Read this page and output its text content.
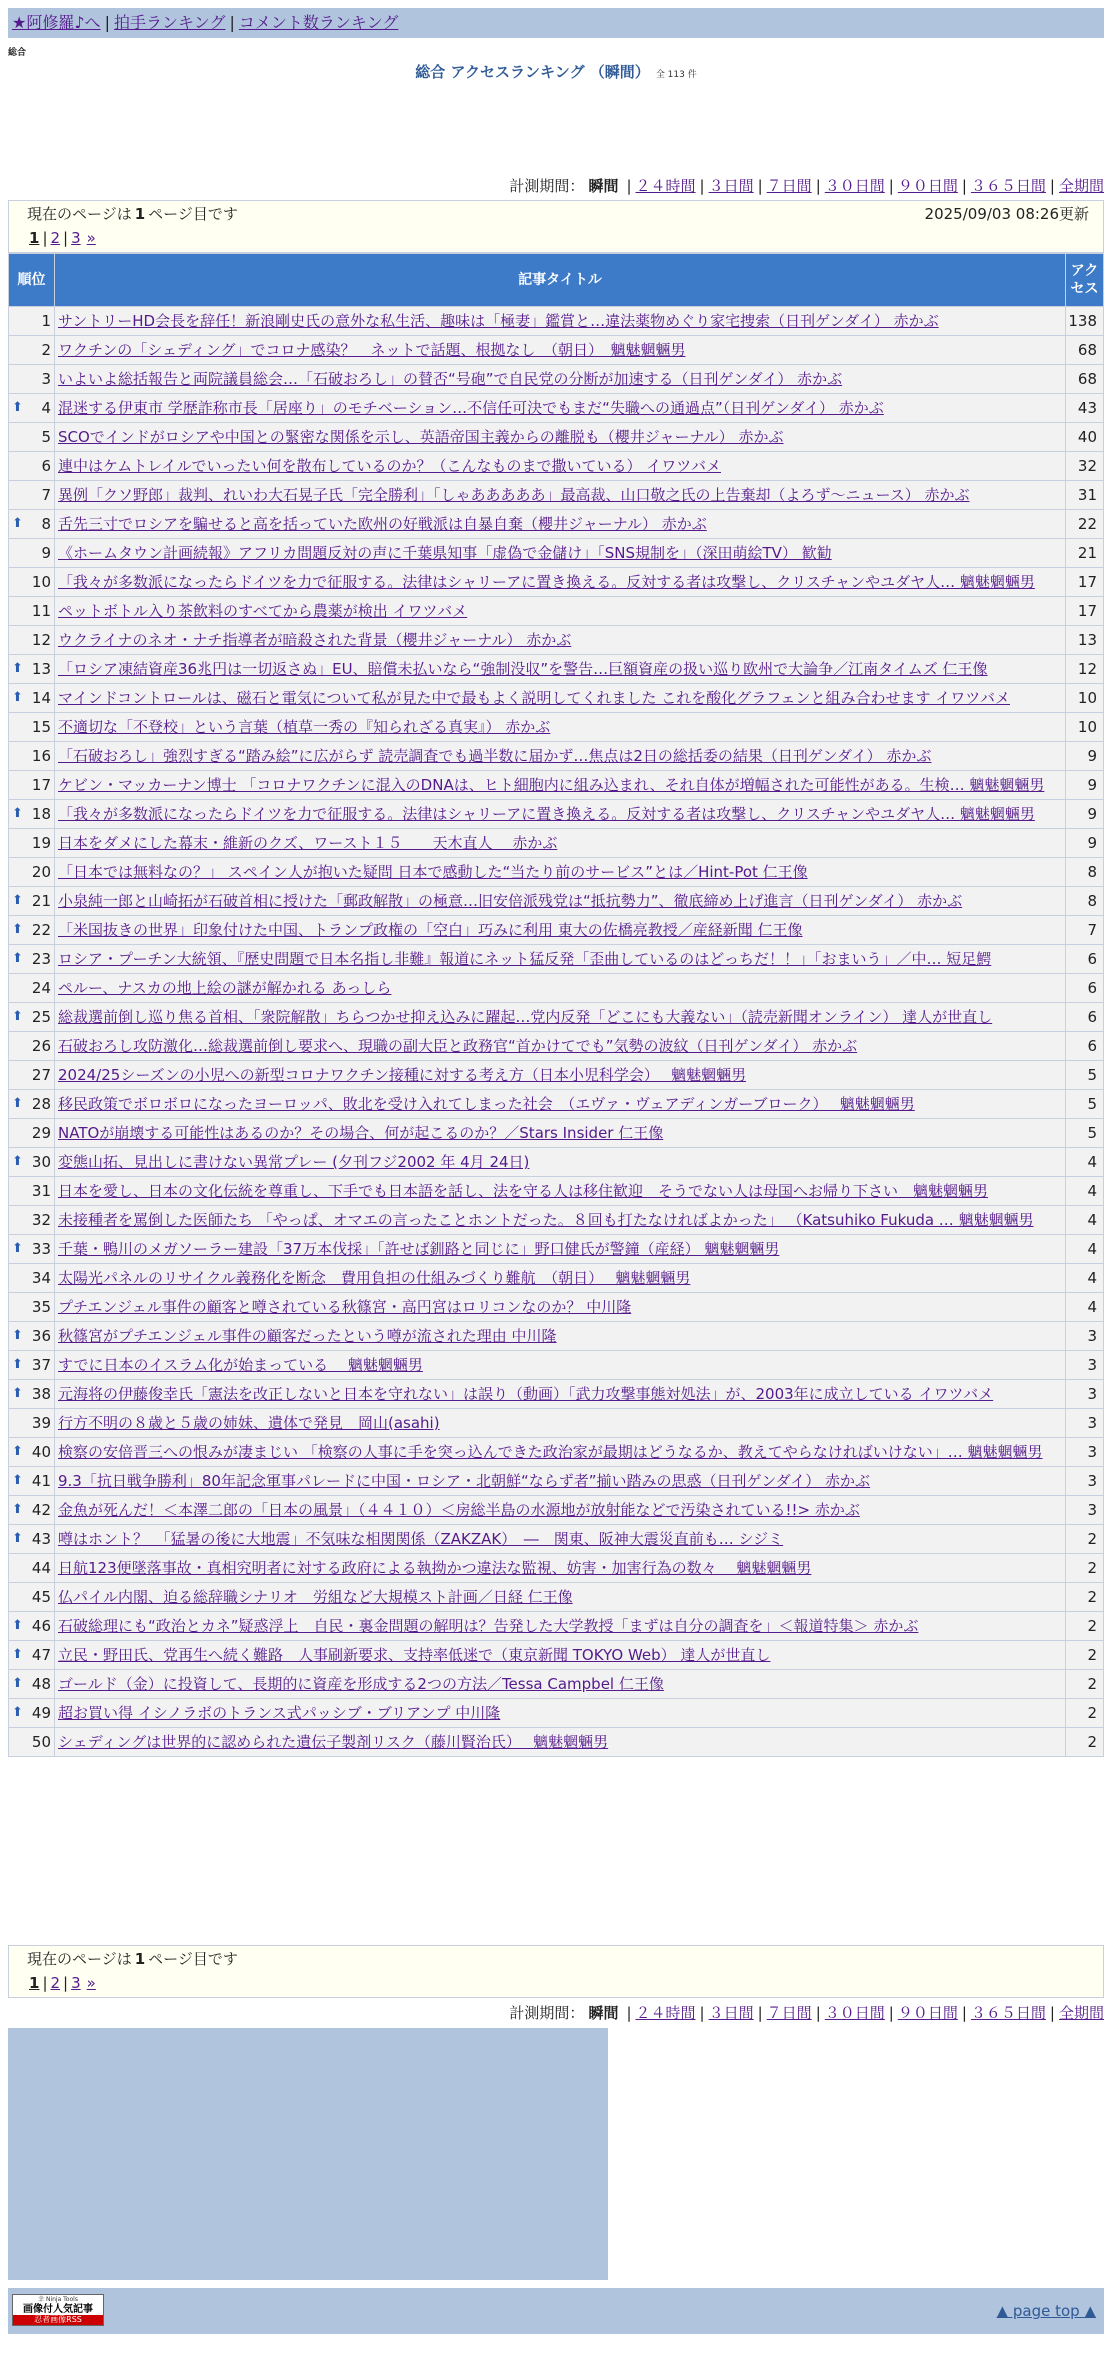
★阿修羅♪へ | 拍手ランキング | コメント数ランキング
総合
総合 アクセスランキング （瞬間） 全 113 件
計測期間： 瞬間 | ２４時間 | ３日間 | ７日間 | ３０日間 | ９０日間 | ３６５日間 | 全期間
現在のページは 1 ページ目です	2025/09/03 08:26更新
1 | 2 | 3 »
順位	記事タイトル	アクセス
1	サントリーHD会長を辞任！新浪剛史氏の意外な私生活、趣味は「極妻」鑑賞と…違法薬物めぐり家宅捜索（日刊ゲンダイ） 赤かぶ	138
2	ワクチンの「シェディング」でコロナ感染？　ネットで話題、根拠なし　（朝日）　魑魅魍魎男	68
3	いよいよ総括報告と両院議員総会…「石破おろし」の賛否“号砲”で自民党の分断が加速する（日刊ゲンダイ） 赤かぶ	68

⬆ 4	混迷する伊東市 学歴詐称市長「居座り」のモチベーション…不信任可決でもまだ“失職への通過点”（日刊ゲンダイ） 赤かぶ	43
5	SCOでインドがロシアや中国との緊密な関係を示し、英語帝国主義からの離脱も（櫻井ジャーナル） 赤かぶ	40
6	連中はケムトレイルでいったい何を散布しているのか？（こんなものまで撒いている） イワツバメ	32
7	異例「クソ野郎」裁判、れいわ大石晃子氏「完全勝利」「しゃあああああ」最高裁、山口敬之氏の上告棄却（よろず～ニュース） 赤かぶ	31

⬆ 8	舌先三寸でロシアを騙せると高を括っていた欧州の好戦派は自暴自棄（櫻井ジャーナル） 赤かぶ	22
9	《ホームタウン計画続報》アフリカ問題反対の声に千葉県知事「虚偽で金儲け」「SNS規制を」（深田萌絵TV） 歓勧	21
10	「我々が多数派になったらドイツを力で征服する。法律はシャリーアに置き換える。反対する者は攻撃し、クリスチャンやユダヤ人… 魑魅魍魎男	17
11	ペットボトル入り茶飲料のすべてから農薬が検出 イワツバメ	17
12	ウクライナのネオ・ナチ指導者が暗殺された背景（櫻井ジャーナル） 赤かぶ	13

⬆ 13	「ロシア凍結資産36兆円は一切返さぬ」EU、賠償未払いなら“強制没収”を警告…巨額資産の扱い巡り欧州で大論争／江南タイムズ 仁王像	12

⬆ 14	マインドコントロールは、磁石と電気について私が見た中で最もよく説明してくれました これを酸化グラフェンと組み合わせます イワツバメ	10
15	不適切な「不登校」という言葉（植草一秀の『知られざる真実』） 赤かぶ	10
16	「石破おろし」強烈すぎる“踏み絵”に広がらず 読売調査でも過半数に届かず…焦点は2日の総括委の結果（日刊ゲンダイ） 赤かぶ	9
17	ケビン・マッカーナン博士 「コロナワクチンに混入のDNAは、ヒト細胞内に組み込まれ、それ自体が増幅された可能性がある。生検… 魑魅魍魎男	9

⬆ 18	「我々が多数派になったらドイツを力で征服する。法律はシャリーアに置き換える。反対する者は攻撃し、クリスチャンやユダヤ人… 魑魅魍魎男	9
19	日本をダメにした幕末・維新のクズ、ワースト１５　　天木直人　 赤かぶ	9
20	「日本では無料なの？」 スペイン人が抱いた疑問 日本で感動した“当たり前のサービス”とは／Hint-Pot 仁王像	8

⬆ 21	小泉純一郎と山崎拓が石破首相に授けた「郵政解散」の極意…旧安倍派残党は“抵抗勢力”、徹底締め上げ進言（日刊ゲンダイ） 赤かぶ	8

⬆ 22	「米国抜きの世界」印象付けた中国、トランプ政権の「空白」巧みに利用 東大の佐橋亮教授／産経新聞 仁王像	7

⬆ 23	ロシア・プーチン大統領、『歴史問題で日本名指し非難』報道にネット猛反発「歪曲しているのはどっちだ！！」「おまいう」／中… 短足鰐	6
24	ペルー、ナスカの地上絵の謎が解かれる あっしら	6

⬆ 25	総裁選前倒し巡り焦る首相、「衆院解散」ちらつかせ抑え込みに躍起…党内反発「どこにも大義ない」（読売新聞オンライン） 達人が世直し	6
26	石破おろし攻防激化…総裁選前倒し要求へ、現職の副大臣と政務官“首かけてでも”気勢の波紋（日刊ゲンダイ） 赤かぶ	6
27	2024/25シーズンの小児への新型コロナワクチン接種に対する考え方（日本小児科学会）　 魑魅魍魎男	5

⬆ 28	移民政策でボロボロになったヨーロッパ、敗北を受け入れてしまった社会　（エヴァ・ヴェアディンガーブローク）　 魑魅魍魎男	5
29	NATOが崩壊する可能性はあるのか？その場合、何が起こるのか？／Stars Insider 仁王像	5

⬆ 30	変態山拓、見出しに書けない異常プレー (夕刊フジ2002 年 4月 24日)	4
31	日本を愛し、日本の文化伝統を尊重し、下手でも日本語を話し、法を守る人は移住歓迎　そうでない人は母国へお帰り下さい　魑魅魍魎男	4
32	未接種者を罵倒した医師たち 「やっぱ、オマエの言ったことホントだった。８回も打たなければよかった」 （Katsuhiko Fukuda … 魑魅魍魎男	4

⬆ 33	千葉・鴨川のメガソーラー建設「37万本伐採」「許せば釧路と同じに」野口健氏が警鐘（産経） 魑魅魍魎男	4
34	太陽光パネルのリサイクル義務化を断念　費用負担の仕組みづくり難航　（朝日）　 魑魅魍魎男	4
35	プチエンジェル事件の顧客と噂されている秋篠宮・高円宮はロリコンなのか？ 中川隆	4

⬆ 36	秋篠宮がプチエンジェル事件の顧客だったという噂が流された理由 中川隆	3

⬆ 37	すでに日本のイスラム化が始まっている　 魑魅魍魎男	3

⬆ 38	元海将の伊藤俊幸氏「憲法を改正しないと日本を守れない」は誤り（動画）「武力攻撃事態対処法」が、2003年に成立している イワツバメ	3
39	行方不明の８歳と５歳の姉妹、遺体で発見　岡山(asahi)	3

⬆ 40	検察の安倍晋三への恨みが凄まじい 「検察の人事に手を突っ込んできた政治家が最期はどうなるか、教えてやらなければいけない」… 魑魅魍魎男	3

⬆ 41	9.3「抗日戦争勝利」80年記念軍事パレードに中国・ロシア・北朝鮮“ならず者”揃い踏みの思惑（日刊ゲンダイ） 赤かぶ	3

⬆ 42	金魚が死んだ！＜本澤二郎の「日本の風景」（４４１０）＜房総半島の水源地が放射能などで汚染されている!!> 赤かぶ	3

⬆ 43	噂はホント？　「猛暑の後に大地震」不気味な相関関係（ZAKZAK）　―　関東、阪神大震災直前も… シジミ	2
44	日航123便墜落事故・真相究明者に対する政府による執拗かつ違法な監視、妨害・加害行為の数々　 魑魅魍魎男	2
45	仏パイル内閣、迫る総辞職シナリオ　労組など大規模スト計画／日経 仁王像	2

⬆ 46	石破総理にも“政治とカネ”疑惑浮上　自民・裏金問題の解明は？告発した大学教授「まずは自分の調査を」＜報道特集＞ 赤かぶ	2

⬆ 47	立民・野田氏、党再生へ続く難路　人事刷新要求、支持率低迷で（東京新聞 TOKYO Web） 達人が世直し	2

⬆ 48	ゴールド（金）に投資して、長期的に資産を形成する2つの方法／Tessa Campbel 仁王像	2

⬆ 49	超お買い得 イシノラボのトランス式パッシブ・ブリアンプ 中川隆	2
50	シェディングは世界的に認められた遺伝子製剤リスク（藤川賢治氏）　 魑魅魍魎男	2
現在のページは 1 ページ目です
1 | 2 | 3 »
計測期間： 瞬間 | ２４時間 | ３日間 | ７日間 | ３０日間 | ９０日間 | ３６５日間 | 全期間
幸 Ninja Tools
画像付人気記事
忍者画像RSS	▲ page top ▲
